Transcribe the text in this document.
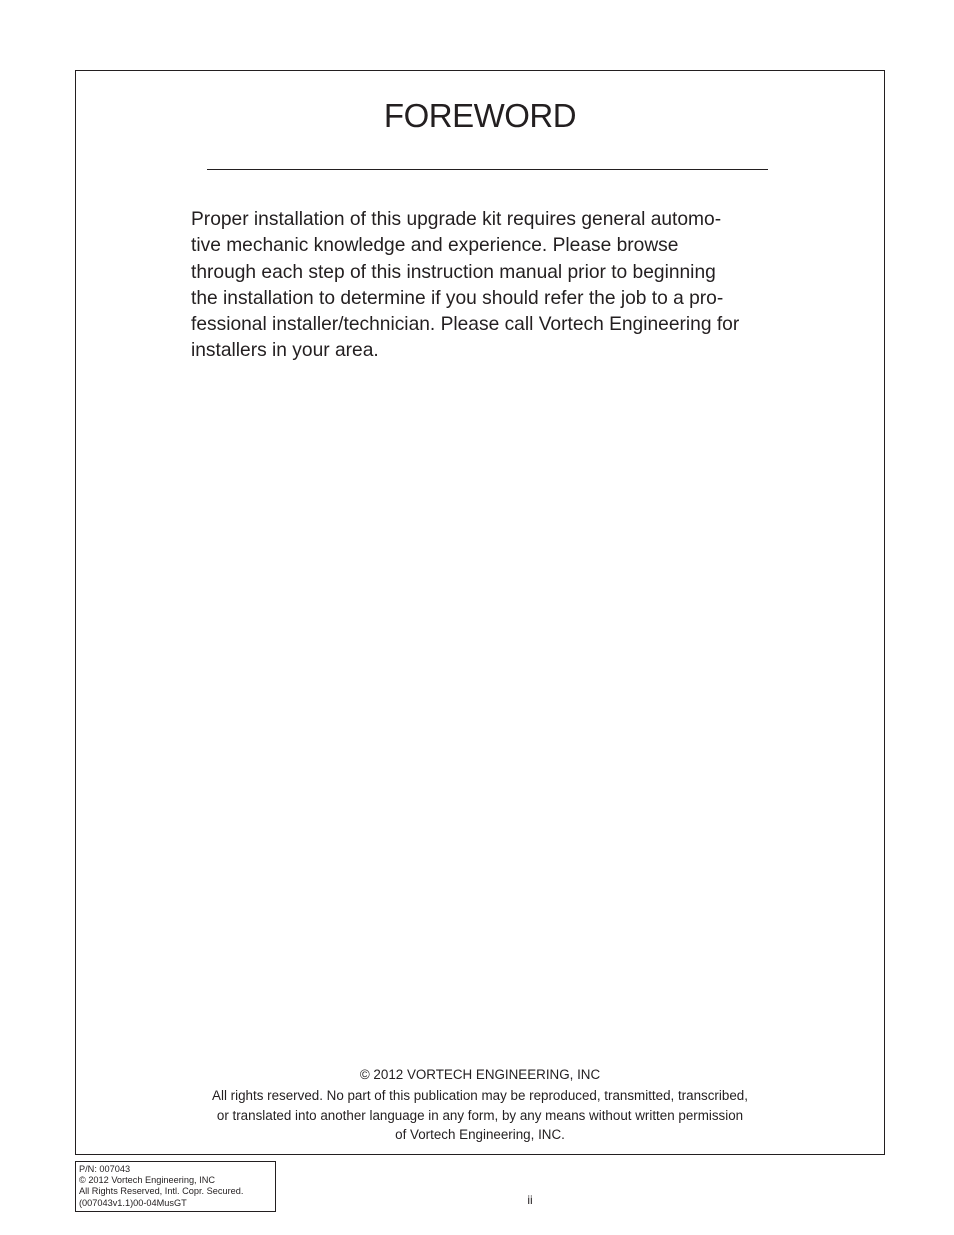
FOREWORD

Proper installation of this upgrade kit requires general automo-
tive mechanic knowledge and experience. Please browse
through each step of this instruction manual prior to beginning
the installation to determine if you should refer the job to a pro-
fessional installer/technician. Please call Vortech Engineering for
installers in your area.

© 2012 VORTECH ENGINEERING, INC
All rights reserved. No part of this publication may be reproduced, transmitted, transcribed,
or translated into another language in any form, by any means without written permission
of Vortech Engineering, INC.
P/N: 007043
© 2012 Vortech Engineering, INC
All Rights Reserved, Intl. Copr. Secured.
(007043v1.1)00-04MusGT	ii
